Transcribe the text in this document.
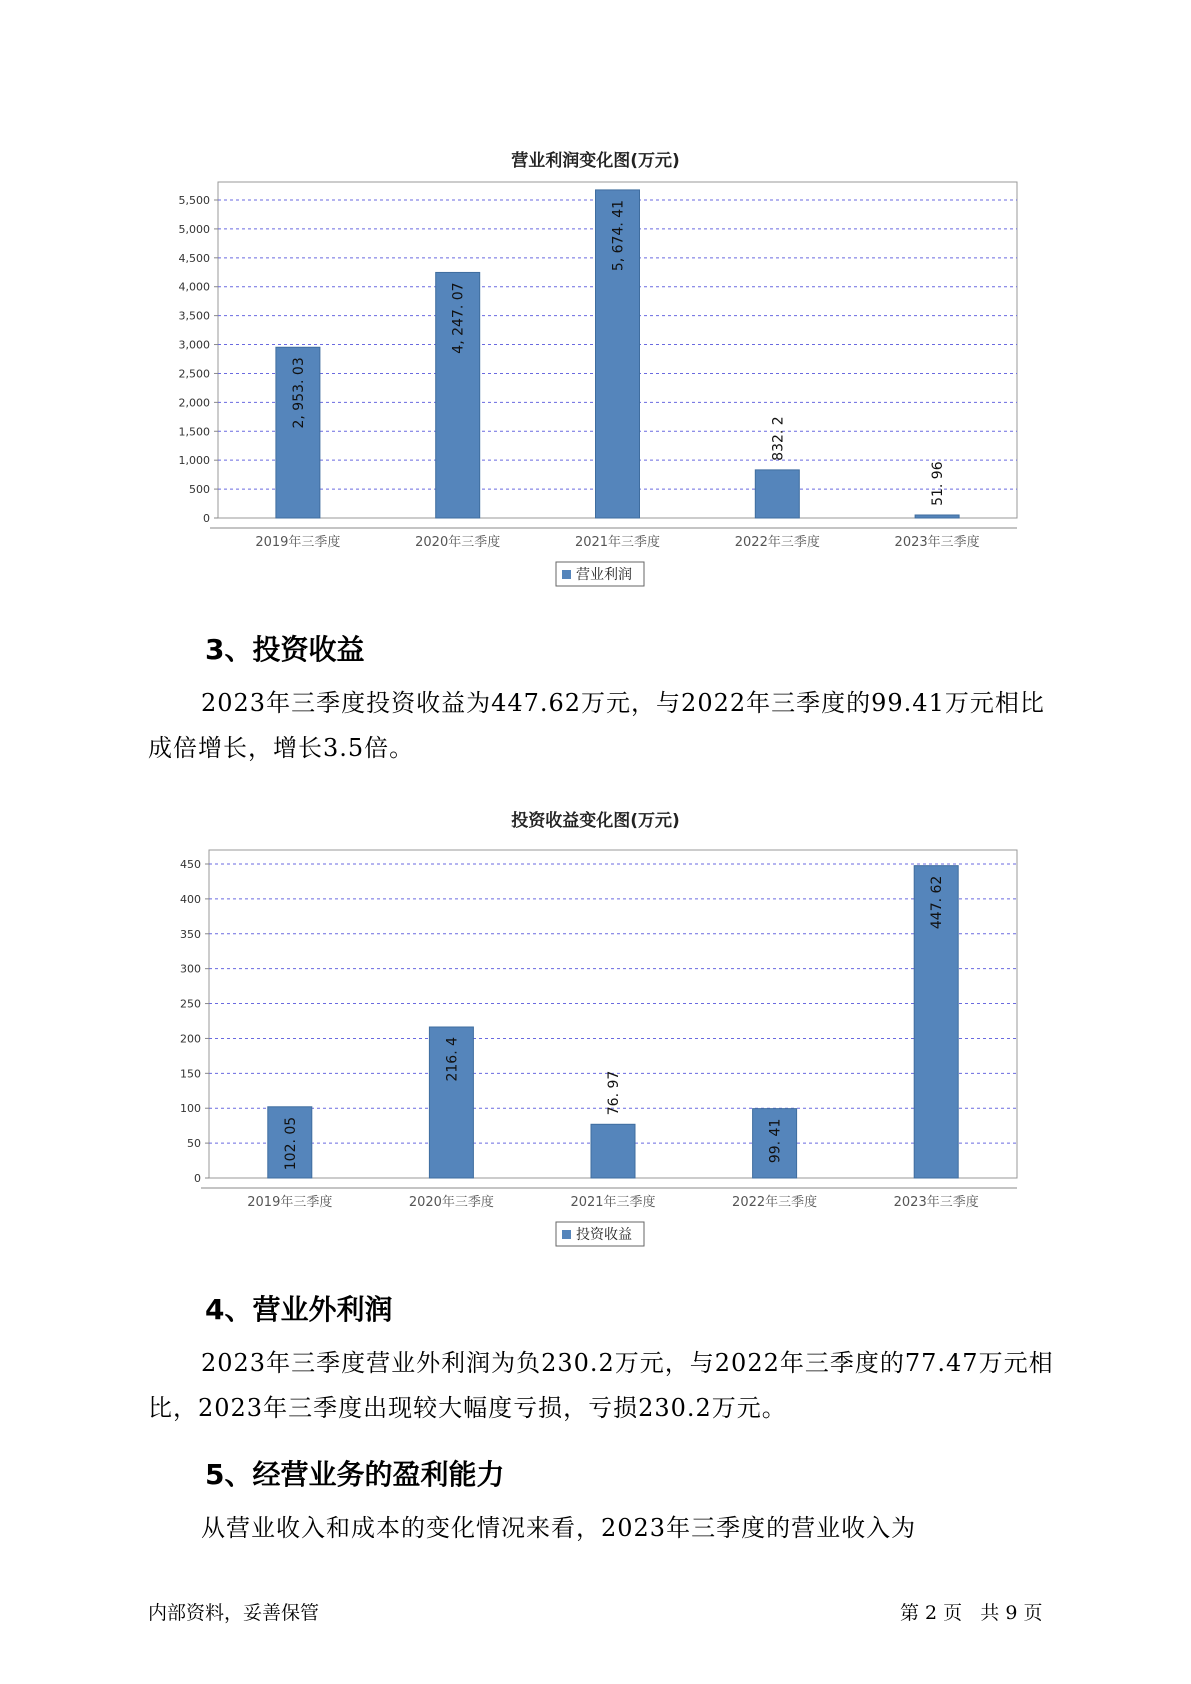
营业利润变化图(万元)
0
500
1,000
1,500
2,000
2,500
3,000
3,500
4,000
4,500
5,000
5,500
2019年三季度
2, 953. 03
2020年三季度
4, 247. 07
2021年三季度
5, 674. 41
2022年三季度
832. 2
2023年三季度
51. 96
营业利润
3、投资收益

2023年三季度投资收益为447.62万元，与2022年三季度的99.41万元相比成倍增长，增长3.5倍。

投资收益变化图(万元)
0
50
100
150
200
250
300
350
400
450
2019年三季度
102. 05
2020年三季度
216. 4
2021年三季度
76. 97
2022年三季度
99. 41
2023年三季度
447. 62
投资收益
4、营业外利润

2023年三季度营业外利润为负230.2万元，与2022年三季度的77.47万元相比，2023年三季度出现较大幅度亏损，亏损230.2万元。

5、经营业务的盈利能力

从营业收入和成本的变化情况来看，2023年三季度的营业收入为

内部资料，妥善保管	第 2 页   共 9 页
